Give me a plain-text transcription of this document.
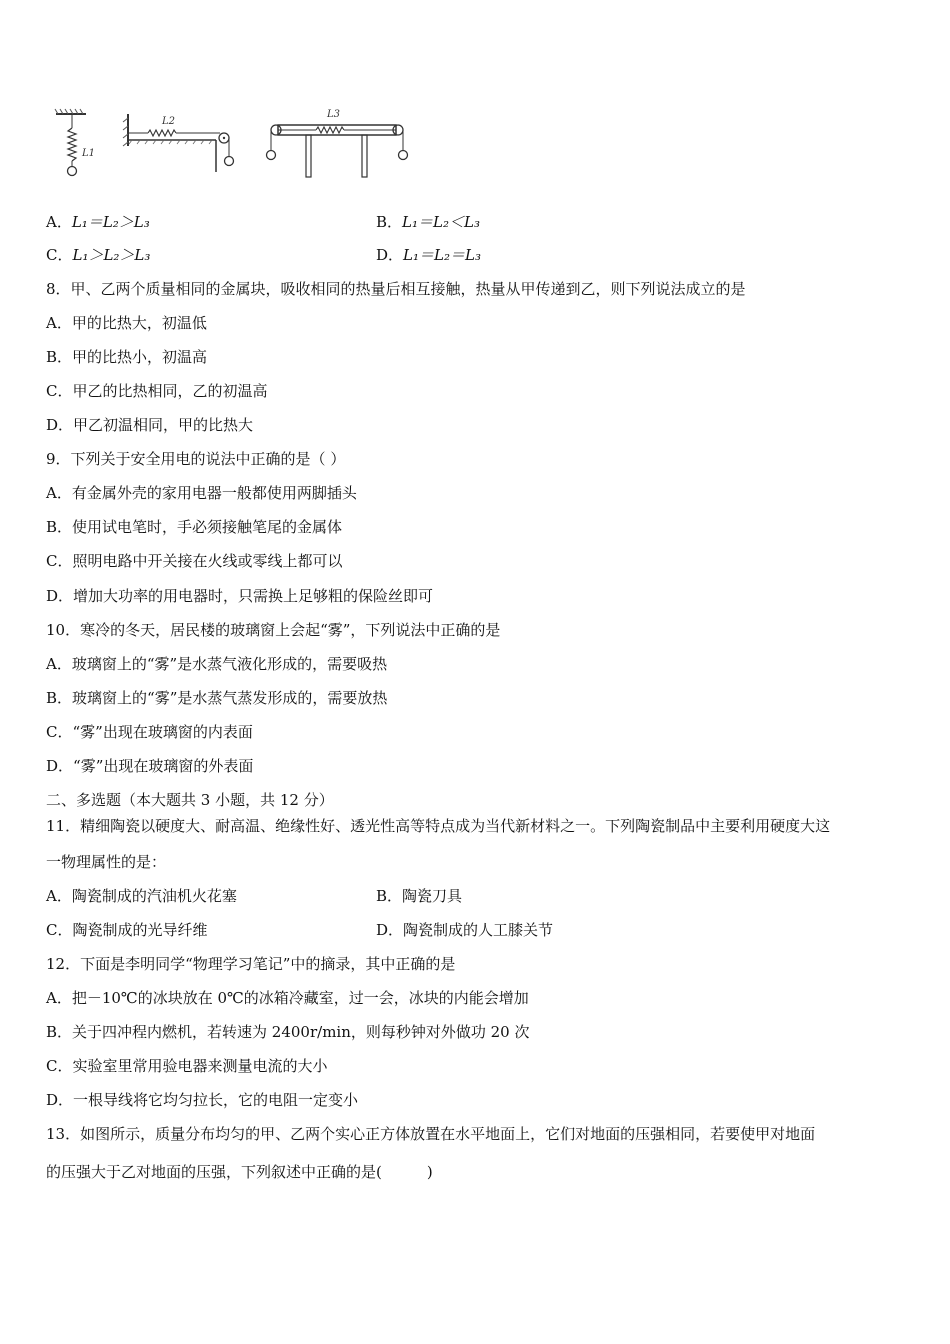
L1
L2
L3
A．L₁＝L₂＞L₃	B．L₁＝L₂＜L₃
C．L₁＞L₂＞L₃	D．L₁＝L₂＝L₃
8．甲、乙两个质量相同的金属块，吸收相同的热量后相互接触，热量从甲传递到乙，则下列说法成立的是
A．甲的比热大，初温低
B．甲的比热小，初温高
C．甲乙的比热相同，乙的初温高
D．甲乙初温相同，甲的比热大
9．下列关于安全用电的说法中正确的是（ ）
A．有金属外壳的家用电器一般都使用两脚插头
B．使用试电笔时，手必须接触笔尾的金属体
C．照明电路中开关接在火线或零线上都可以
D．增加大功率的用电器时，只需换上足够粗的保险丝即可
10．寒冷的冬天，居民楼的玻璃窗上会起“雾”，下列说法中正确的是
A．玻璃窗上的“雾”是水蒸气液化形成的，需要吸热
B．玻璃窗上的“雾”是水蒸气蒸发形成的，需要放热
C．“雾”出现在玻璃窗的内表面
D．“雾”出现在玻璃窗的外表面
二、多选题（本大题共 3 小题，共 12 分）
11．精细陶瓷以硬度大、耐高温、绝缘性好、透光性高等特点成为当代新材料之一。下列陶瓷制品中主要利用硬度大这
一物理属性的是：
A．陶瓷制成的汽油机火花塞	B．陶瓷刀具
C．陶瓷制成的光导纤维	D．陶瓷制成的人工膝关节
12．下面是李明同学“物理学习笔记”中的摘录，其中正确的是
A．把－10℃的冰块放在 0℃的冰箱冷藏室，过一会，冰块的内能会增加
B．关于四冲程内燃机，若转速为 2400r/min，则每秒钟对外做功 20 次
C．实验室里常用验电器来测量电流的大小
D．一根导线将它均匀拉长，它的电阻一定变小
13．如图所示，质量分布均匀的甲、乙两个实心正方体放置在水平地面上，它们对地面的压强相同，若要使甲对地面
的压强大于乙对地面的压强，下列叙述中正确的是(　　　)
